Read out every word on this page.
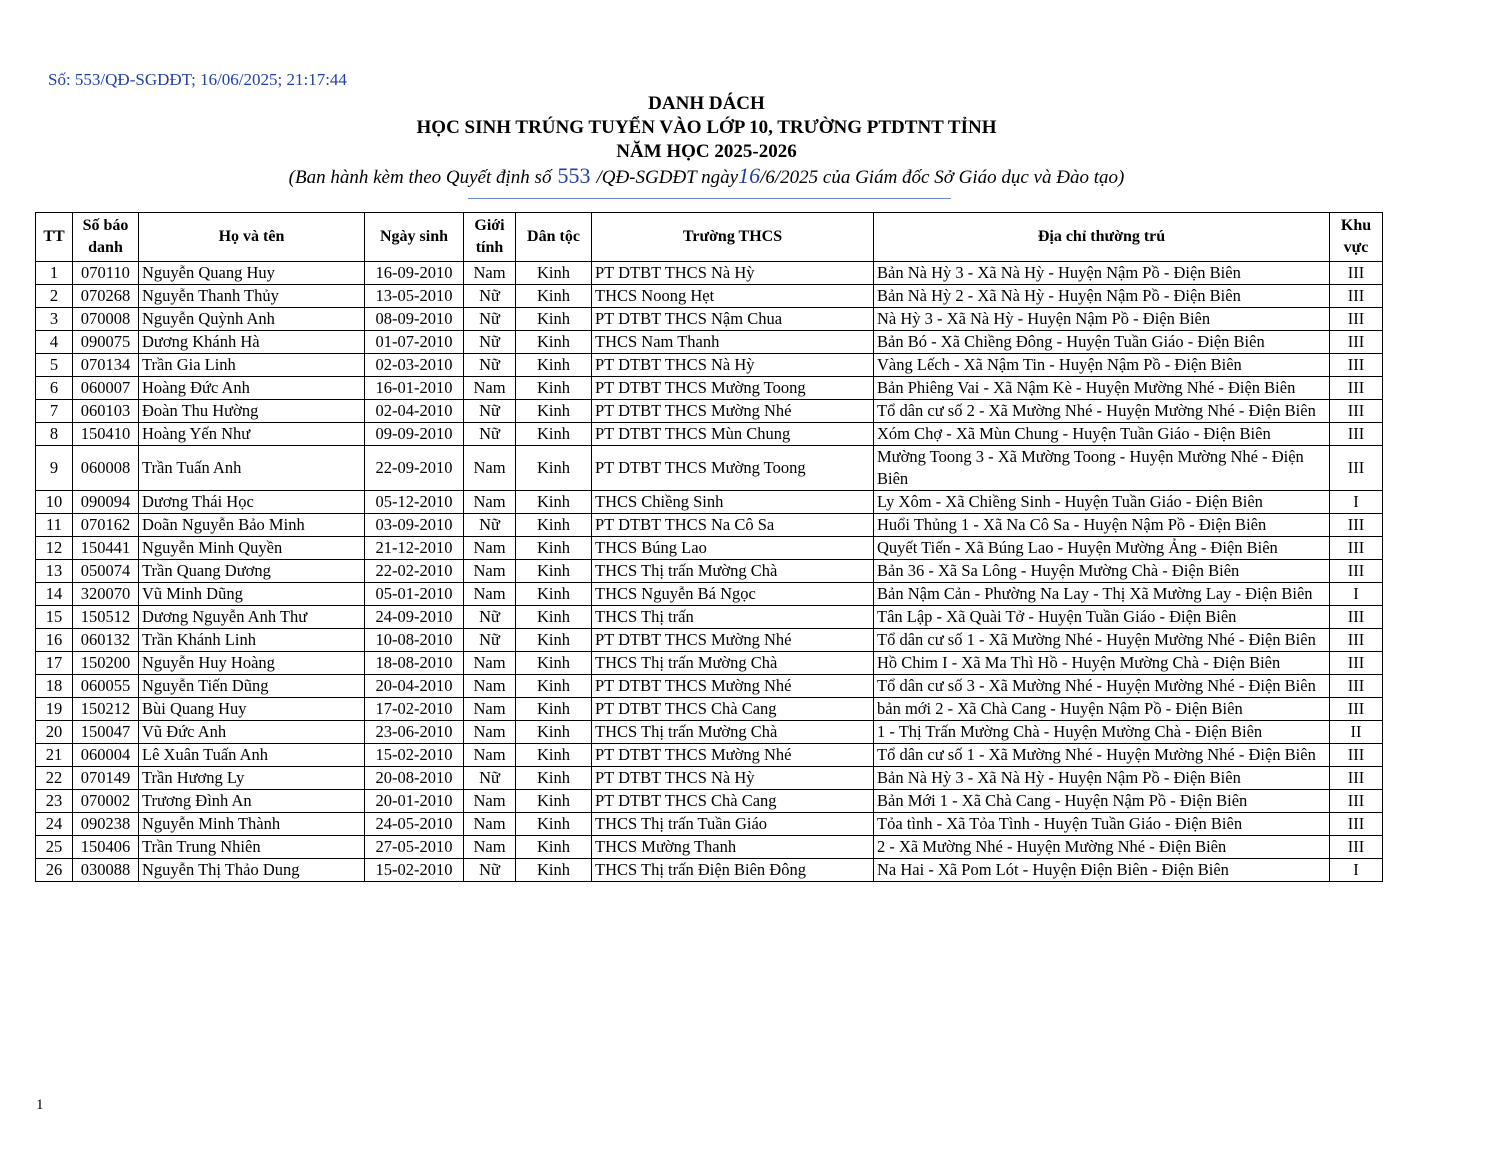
Số: 553/QĐ-SGDĐT; 16/06/2025; 21:17:44
DANH DÁCH
HỌC SINH TRÚNG TUYỂN VÀO LỚP 10, TRƯỜNG PTDTNT TỈNH
NĂM HỌC 2025-2026
(Ban hành kèm theo Quyết định số 553 /QĐ-SGDĐT ngày16/6/2025 của Giám đốc Sở Giáo dục và Đào tạo)
TT	Số báo danh	Họ và tên	Ngày sinh	Giới tính	Dân tộc	Trường THCS	Địa chỉ thường trú	Khu vực
1	070110	Nguyễn Quang Huy	16-09-2010	Nam	Kinh	PT DTBT THCS Nà Hỳ	Bản Nà Hỳ 3 - Xã Nà Hỳ - Huyện Nậm Pồ - Điện Biên	III
2	070268	Nguyễn Thanh Thủy	13-05-2010	Nữ	Kinh	THCS Noong Hẹt	Bản Nà Hỳ 2 - Xã Nà Hỳ - Huyện Nậm Pồ - Điện Biên	III
3	070008	Nguyễn Quỳnh Anh	08-09-2010	Nữ	Kinh	PT DTBT THCS Nậm Chua	Nà Hỳ 3 - Xã Nà Hỳ - Huyện Nậm Pồ - Điện Biên	III
4	090075	Dương Khánh Hà	01-07-2010	Nữ	Kinh	THCS Nam Thanh	Bản Bó - Xã Chiềng Đông - Huyện Tuần Giáo - Điện Biên	III
5	070134	Trần Gia Linh	02-03-2010	Nữ	Kinh	PT DTBT THCS Nà Hỳ	Vàng Lếch - Xã Nậm Tin - Huyện Nậm Pồ - Điện Biên	III
6	060007	Hoàng Đức Anh	16-01-2010	Nam	Kinh	PT DTBT THCS Mường Toong	Bản Phiêng Vai - Xã Nậm Kè - Huyện Mường Nhé - Điện Biên	III
7	060103	Đoàn Thu Hường	02-04-2010	Nữ	Kinh	PT DTBT THCS Mường Nhé	Tổ dân cư số 2 - Xã Mường Nhé - Huyện Mường Nhé - Điện Biên	III
8	150410	Hoàng Yến Như	09-09-2010	Nữ	Kinh	PT DTBT THCS Mùn Chung	Xóm Chợ - Xã Mùn Chung - Huyện Tuần Giáo - Điện Biên	III
9	060008	Trần Tuấn Anh	22-09-2010	Nam	Kinh	PT DTBT THCS Mường Toong	Mường Toong 3 - Xã Mường Toong - Huyện Mường Nhé - Điện Biên	III
10	090094	Dương Thái Học	05-12-2010	Nam	Kinh	THCS Chiềng Sinh	Ly Xôm - Xã Chiềng Sinh - Huyện Tuần Giáo - Điện Biên	I
11	070162	Doãn Nguyễn Bảo Minh	03-09-2010	Nữ	Kinh	PT DTBT THCS Na Cô Sa	Huổi Thủng 1 - Xã Na Cô Sa - Huyện Nậm Pồ - Điện Biên	III
12	150441	Nguyễn Minh Quyền	21-12-2010	Nam	Kinh	THCS Búng Lao	Quyết Tiến - Xã Búng Lao - Huyện Mường Ảng - Điện Biên	III
13	050074	Trần Quang Dương	22-02-2010	Nam	Kinh	THCS Thị trấn Mường Chà	Bản 36 - Xã Sa Lông - Huyện Mường Chà - Điện Biên	III
14	320070	Vũ Minh Dũng	05-01-2010	Nam	Kinh	THCS Nguyễn Bá Ngọc	Bản Nậm Cản - Phường Na Lay - Thị Xã Mường Lay - Điện Biên	I
15	150512	Dương Nguyễn Anh Thư	24-09-2010	Nữ	Kinh	THCS Thị trấn	Tân Lập - Xã Quài Tở - Huyện Tuần Giáo - Điện Biên	III
16	060132	Trần Khánh Linh	10-08-2010	Nữ	Kinh	PT DTBT THCS Mường Nhé	Tổ dân cư số 1 - Xã Mường Nhé - Huyện Mường Nhé - Điện Biên	III
17	150200	Nguyễn Huy Hoàng	18-08-2010	Nam	Kinh	THCS Thị trấn Mường Chà	Hồ Chim I - Xã Ma Thì Hồ - Huyện Mường Chà - Điện Biên	III
18	060055	Nguyễn Tiến Dũng	20-04-2010	Nam	Kinh	PT DTBT THCS Mường Nhé	Tổ dân cư số 3 - Xã Mường Nhé - Huyện Mường Nhé - Điện Biên	III
19	150212	Bùi Quang Huy	17-02-2010	Nam	Kinh	PT DTBT THCS Chà Cang	bản mới 2 - Xã Chà Cang - Huyện Nậm Pồ - Điện Biên	III
20	150047	Vũ Đức Anh	23-06-2010	Nam	Kinh	THCS Thị trấn Mường Chà	1 - Thị Trấn Mường Chà - Huyện Mường Chà - Điện Biên	II
21	060004	Lê Xuân Tuấn Anh	15-02-2010	Nam	Kinh	PT DTBT THCS Mường Nhé	Tổ dân cư số 1 - Xã Mường Nhé - Huyện Mường Nhé - Điện Biên	III
22	070149	Trần Hương Ly	20-08-2010	Nữ	Kinh	PT DTBT THCS Nà Hỳ	Bản Nà Hỳ 3 - Xã Nà Hỳ - Huyện Nậm Pồ - Điện Biên	III
23	070002	Trương Đình An	20-01-2010	Nam	Kinh	PT DTBT THCS Chà Cang	Bản Mới 1 - Xã Chà Cang - Huyện Nậm Pồ - Điện Biên	III
24	090238	Nguyễn Minh Thành	24-05-2010	Nam	Kinh	THCS Thị trấn Tuần Giáo	Tỏa tình - Xã Tỏa Tình - Huyện Tuần Giáo - Điện Biên	III
25	150406	Trần Trung Nhiên	27-05-2010	Nam	Kinh	THCS Mường Thanh	2 - Xã Mường Nhé - Huyện Mường Nhé - Điện Biên	III
26	030088	Nguyễn Thị Thảo Dung	15-02-2010	Nữ	Kinh	THCS Thị trấn Điện Biên Đông	Na Hai - Xã Pom Lót - Huyện Điện Biên - Điện Biên	I
1
